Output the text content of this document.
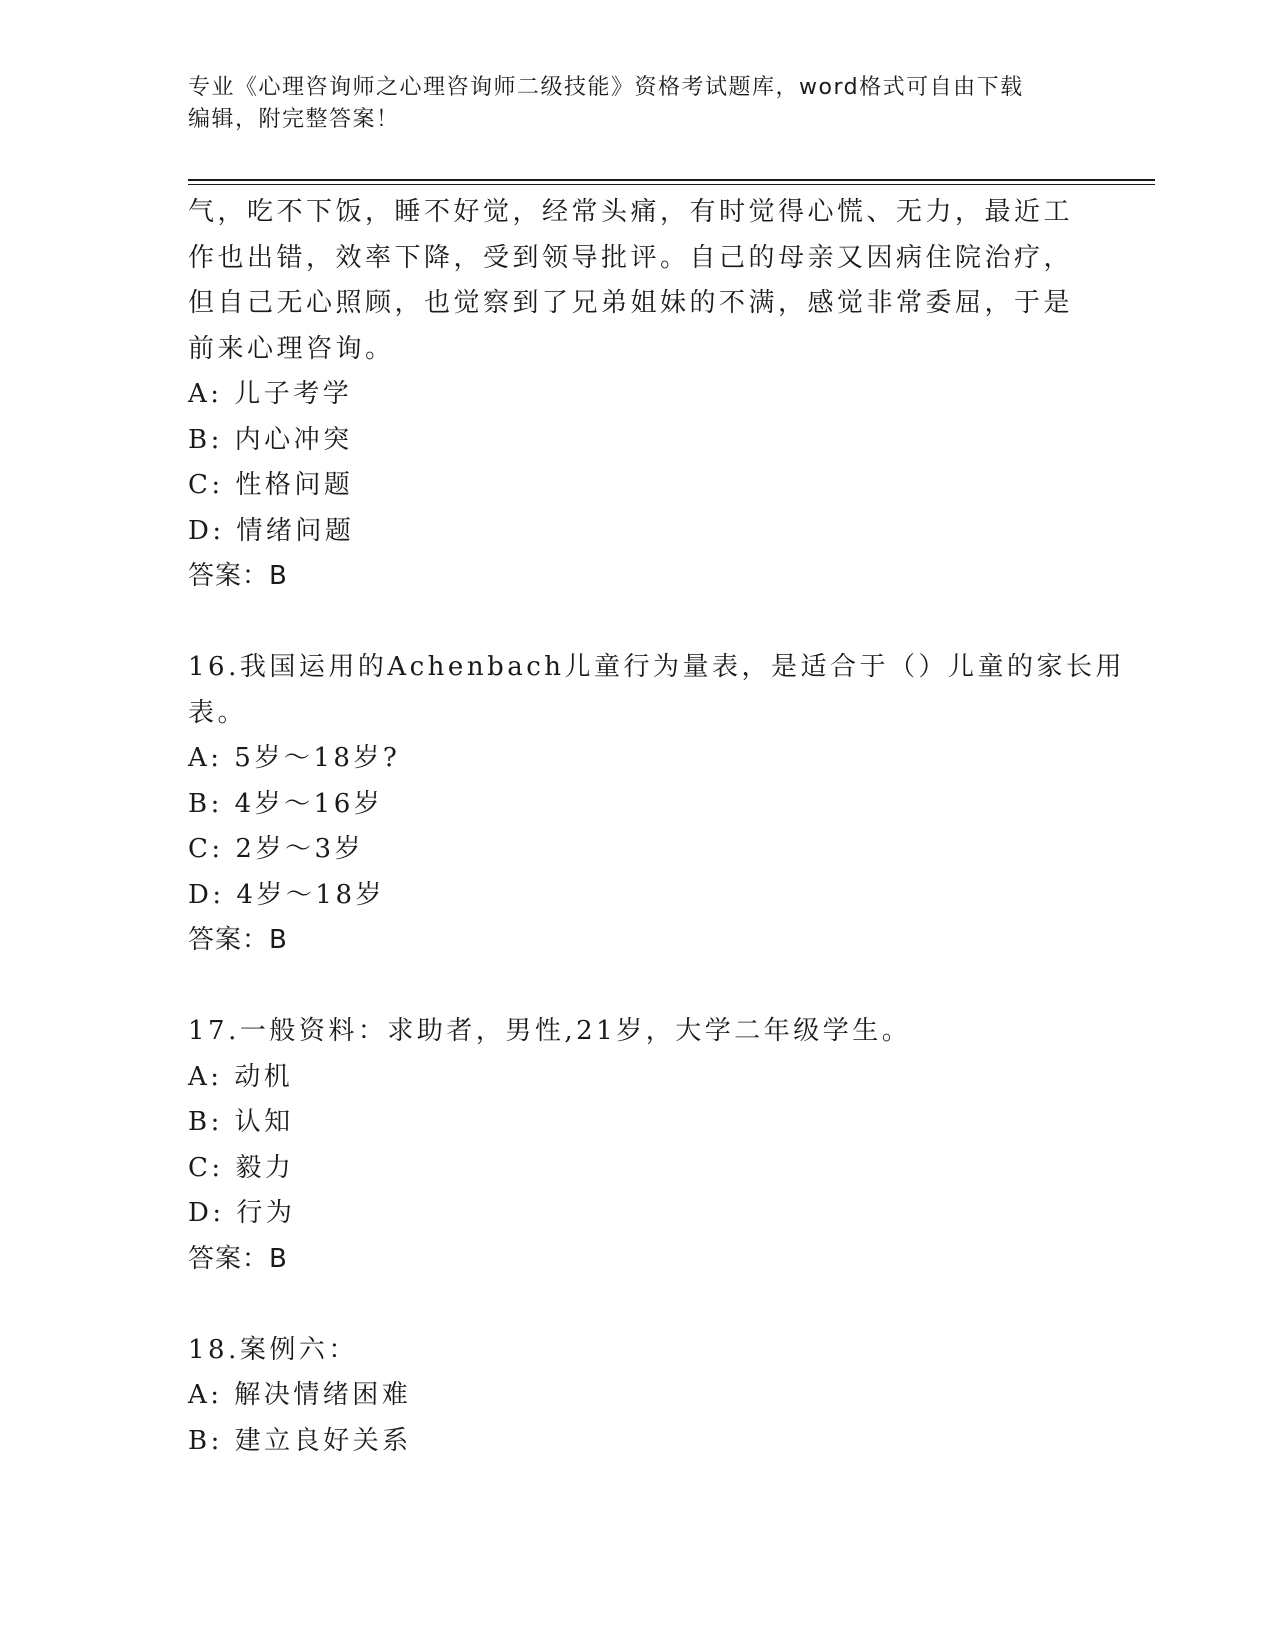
专业《心理咨询师之心理咨询师二级技能》资格考试题库，word格式可自由下载
编辑，附完整答案！
气，吃不下饭，睡不好觉，经常头痛，有时觉得心慌、无力，最近工
作也出错，效率下降，受到领导批评。自己的母亲又因病住院治疗，
但自己无心照顾，也觉察到了兄弟姐妹的不满，感觉非常委屈，于是
前来心理咨询。
A: 儿子考学
B: 内心冲突
C: 性格问题
D: 情绪问题
答案：B
16.我国运用的Achenbach儿童行为量表，是适合于（）儿童的家长用
表。
A: 5岁～18岁?
B: 4岁～16岁
C: 2岁～3岁
D: 4岁～18岁
答案：B
17.一般资料：求助者，男性,21岁，大学二年级学生。
A: 动机
B: 认知
C: 毅力
D: 行为
答案：B
18.案例六：
A: 解决情绪困难
B: 建立良好关系
